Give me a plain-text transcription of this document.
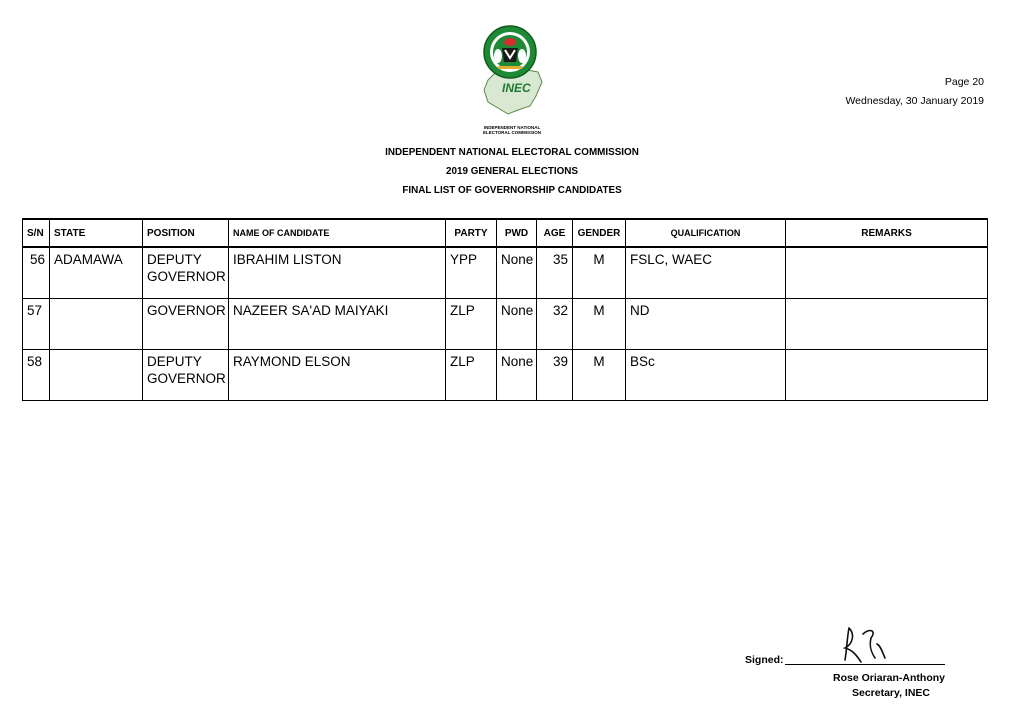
INEC
INDEPENDENT NATIONAL
ELECTORAL COMMISSION
Page 20
Wednesday, 30 January 2019
INDEPENDENT NATIONAL ELECTORAL COMMISSION
2019 GENERAL ELECTIONS
FINAL LIST OF GOVERNORSHIP CANDIDATES
S/N	STATE	POSITION	NAME OF CANDIDATE	PARTY	PWD	AGE	GENDER	QUALIFICATION	REMARKS
56	ADAMAWA	DEPUTY GOVERNOR	IBRAHIM LISTON	YPP	None	35	M	FSLC, WAEC	
57		GOVERNOR	NAZEER SA'AD MAIYAKI	ZLP	None	32	M	ND	
58		DEPUTY GOVERNOR	RAYMOND ELSON	ZLP	None	39	M	BSc	
Signed:
Rose Oriaran-Anthony
Secretary, INEC
